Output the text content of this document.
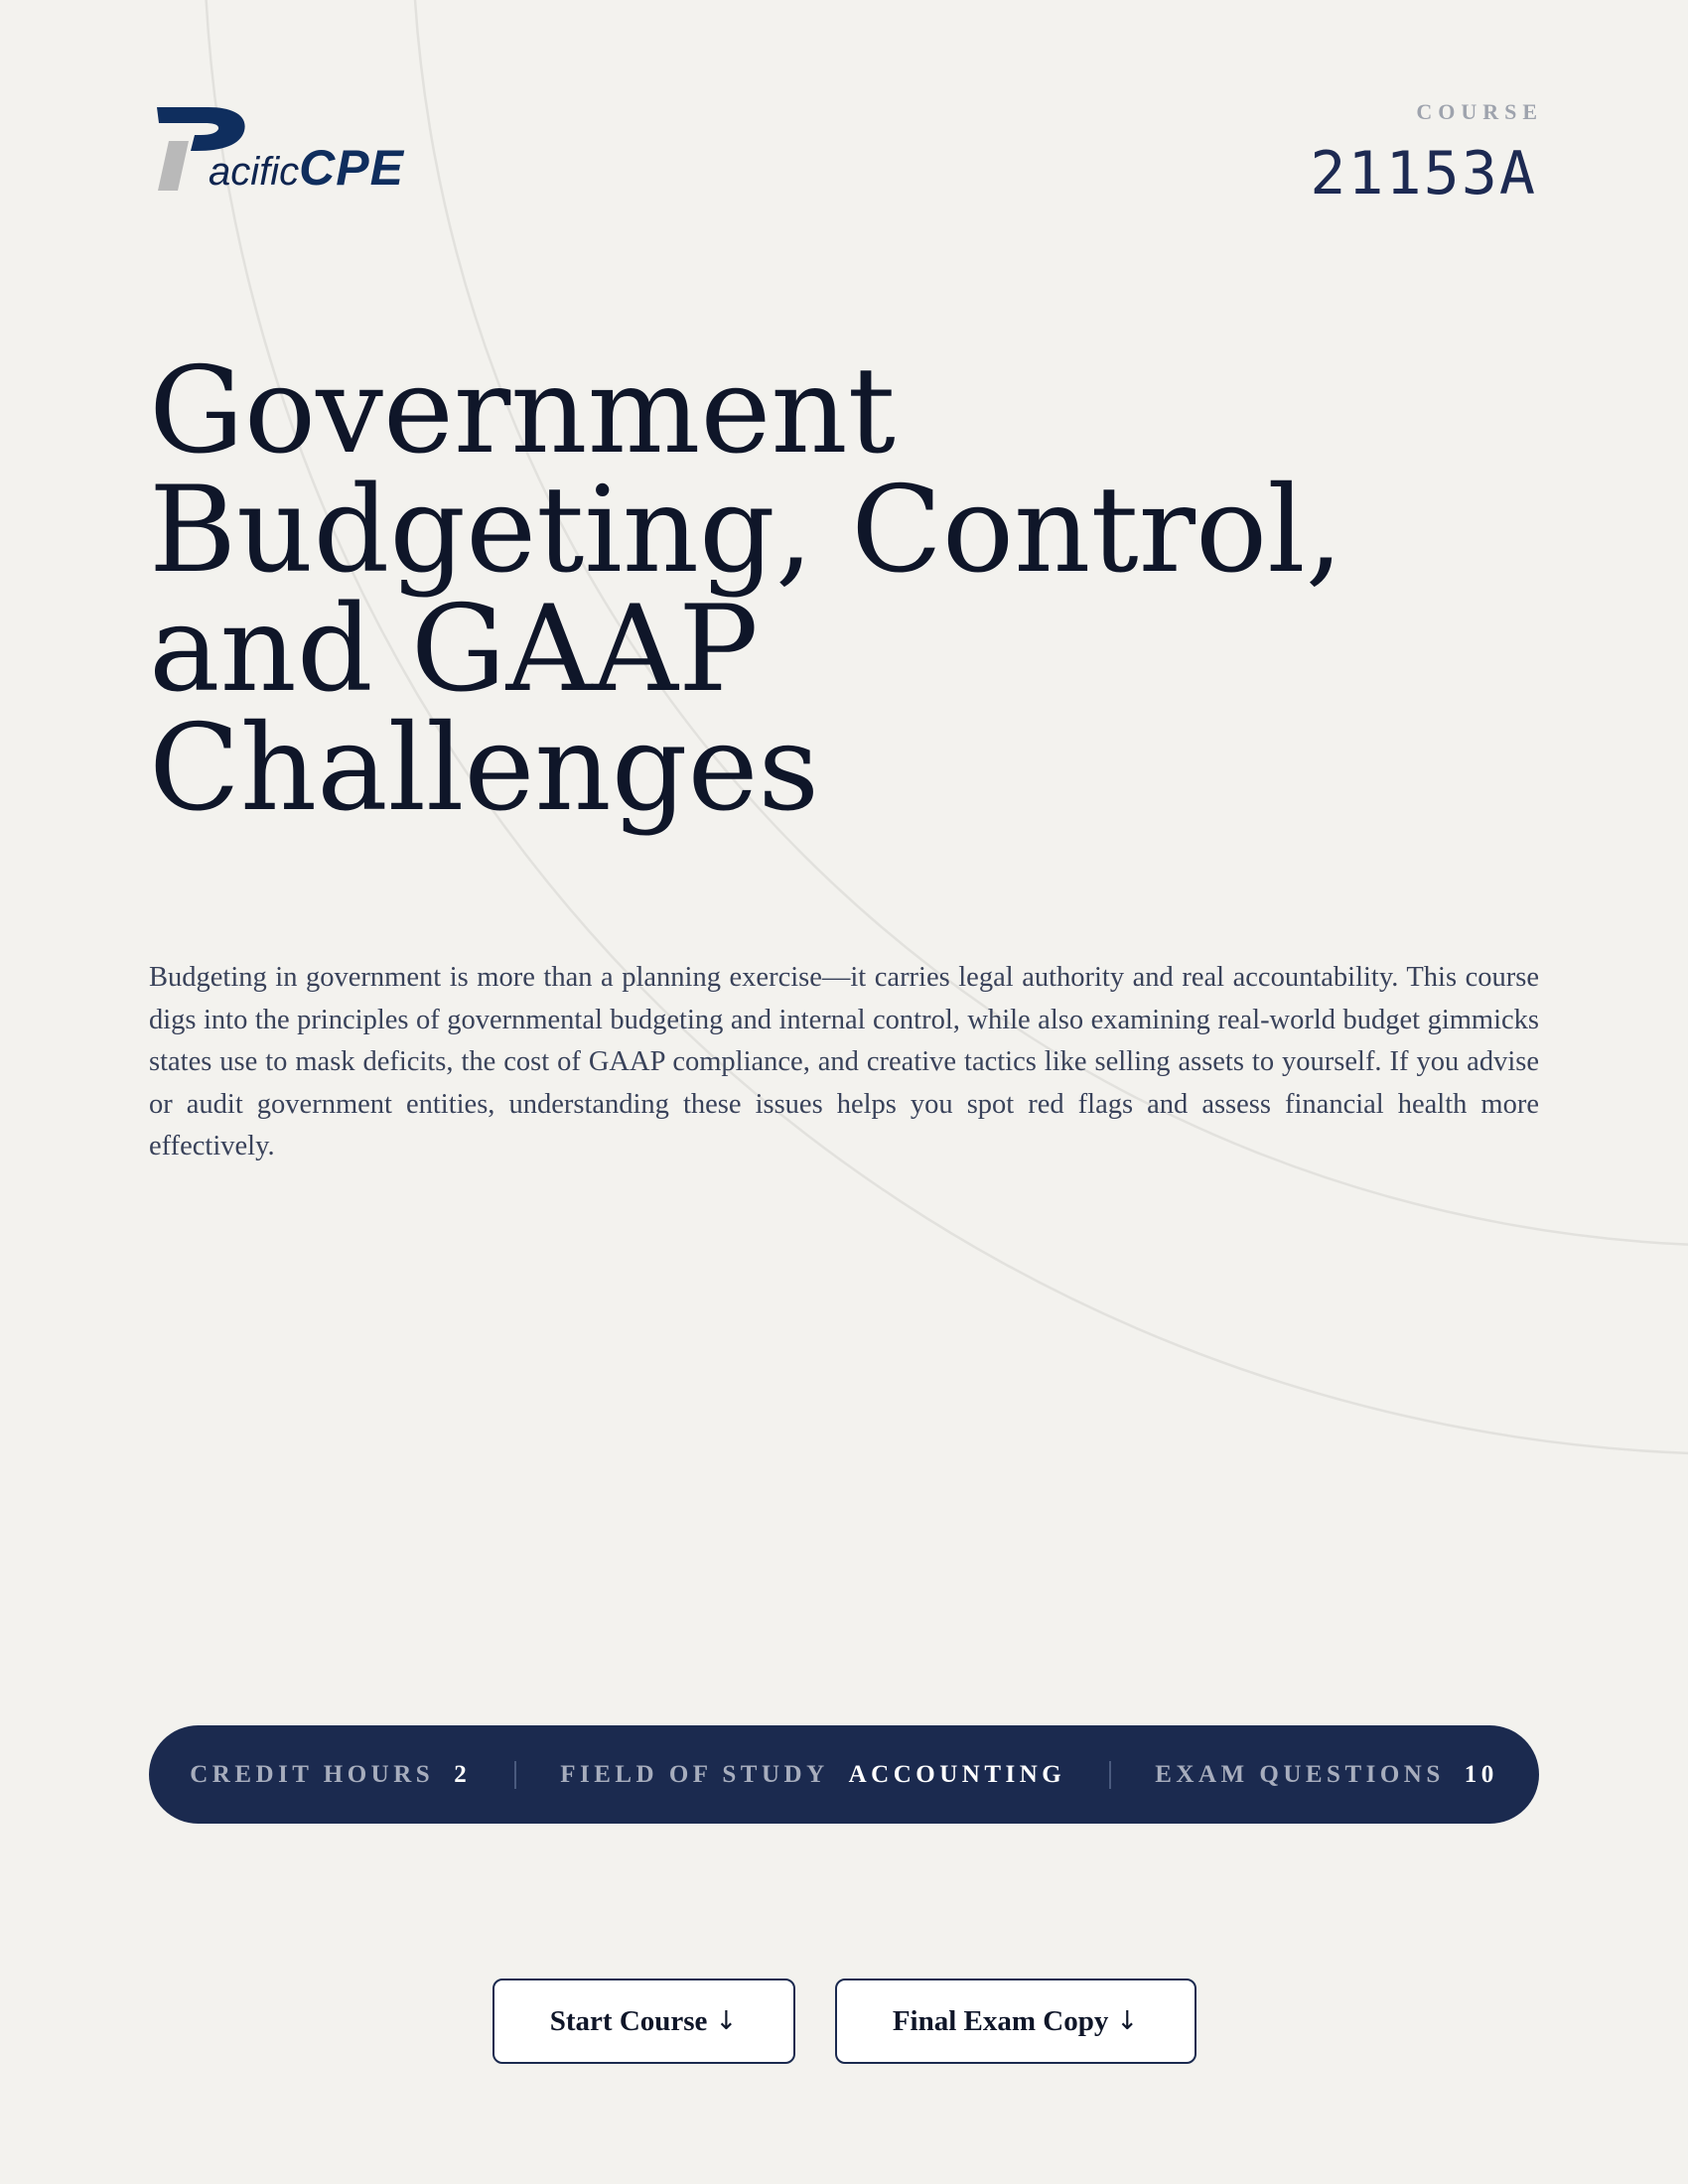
acificCPE
COURSE
21153A
Government
Budgeting, Control,
and GAAP
Challenges

Budgeting in government is more than a planning exercise—it carries legal authority and real accountability. This course digs into the principles of governmental budgeting and internal control, while also examining real-world budget gimmicks states use to mask deficits, the cost of GAAP compliance, and creative tactics like selling assets to yourself. If you advise or audit government entities, understanding these issues helps you spot red flags and assess financial health more effectively.

CREDIT HOURS 2	FIELD OF STUDY ACCOUNTING	EXAM QUESTIONS 10
Start Course ↓	Final Exam Copy ↓
